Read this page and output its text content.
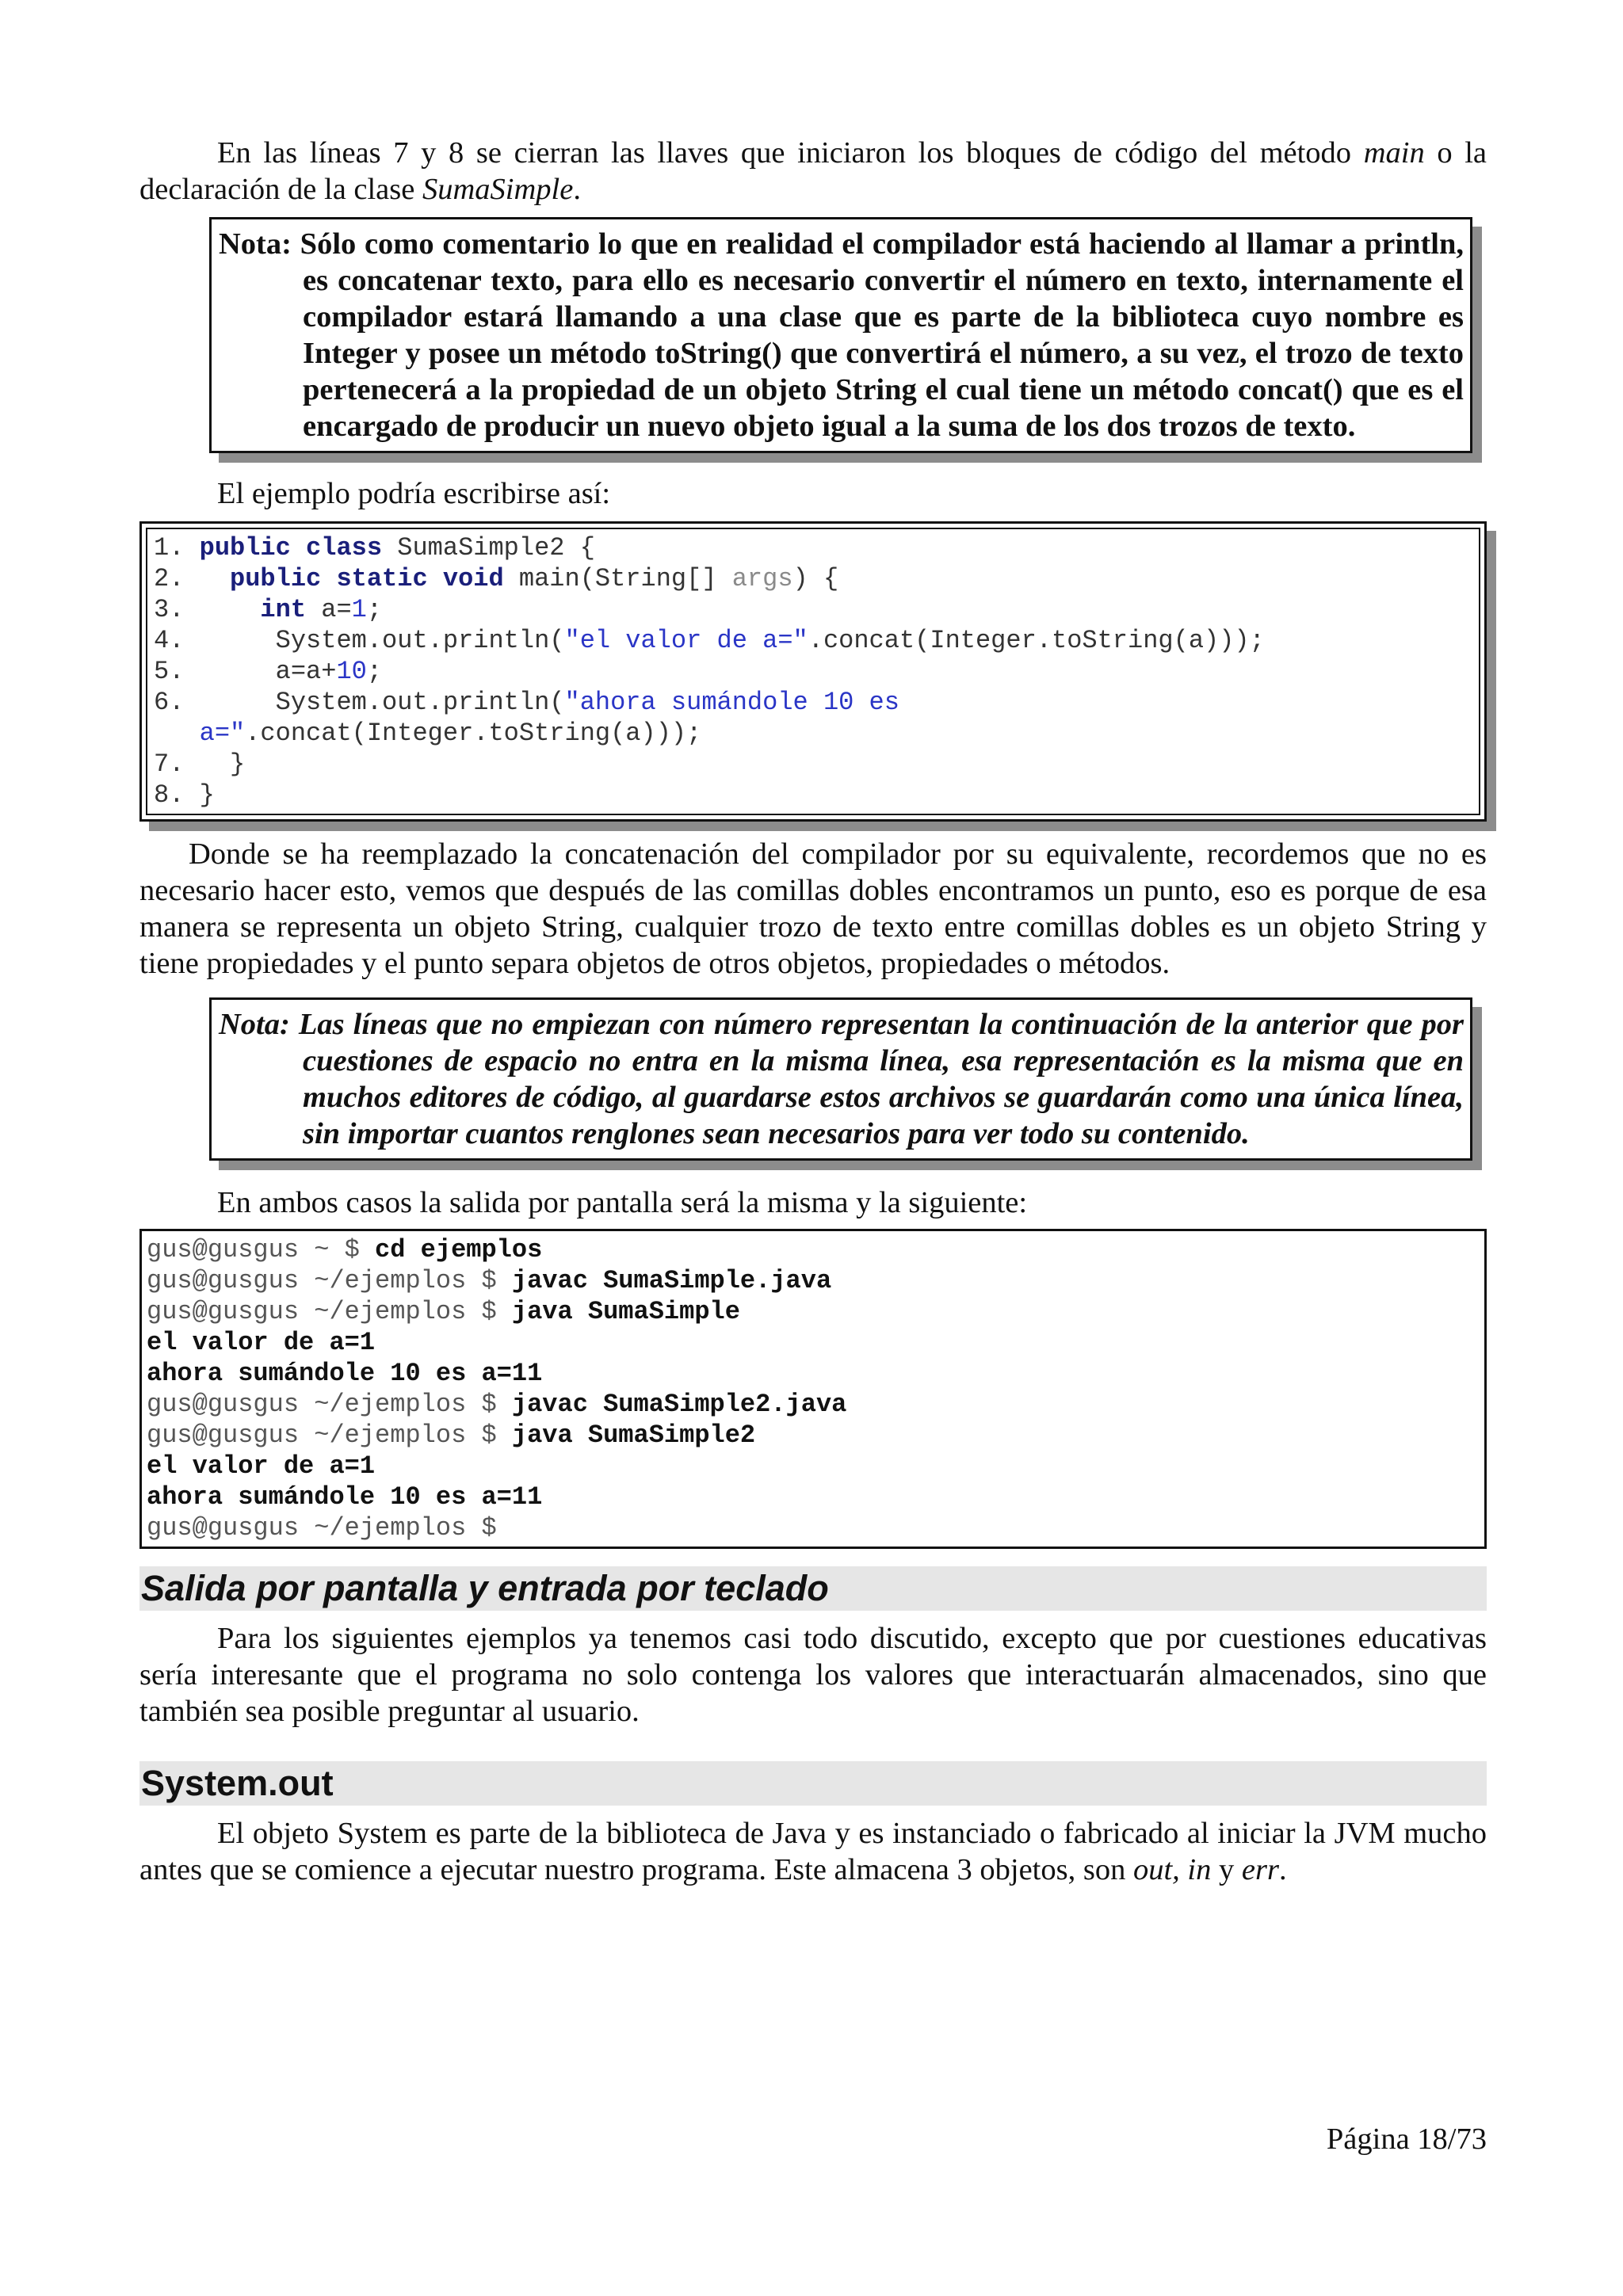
En las líneas 7 y 8 se cierran las llaves que iniciaron los bloques de código del método main o la declaración de la clase SumaSimple.

Nota: Sólo como comentario lo que en realidad el compilador está haciendo al llamar a println, es concatenar texto, para ello es necesario convertir el número en texto, internamente el compilador estará llamando a una clase que es parte de la biblioteca cuyo nombre es Integer y posee un método toString() que convertirá el número, a su vez, el trozo de texto pertenecerá a la propiedad de un objeto String el cual tiene un método concat() que es el encargado de producir un nuevo objeto igual a la suma de los dos trozos de texto.

El ejemplo podría escribirse así:

1. public class SumaSimple2 {
2.   public static void main(String[] args) {
3.     int a=1;
4.      System.out.println("el valor de a=".concat(Integer.toString(a)));
5.      a=a+10;
6.      System.out.println("ahora sumándole 10 es
a=".concat(Integer.toString(a)));
7.   }
8. }

Donde se ha reemplazado la concatenación del compilador por su equivalente, recordemos que no es necesario hacer esto, vemos que después de las comillas dobles encontramos un punto, eso es porque de esa manera se representa un objeto String, cualquier trozo de texto entre comillas dobles es un objeto String y tiene propiedades y el punto separa objetos de otros objetos, propiedades o métodos.

Nota: Las líneas que no empiezan con número representan la continuación de la anterior que por cuestiones de espacio no entra en la misma línea, esa representación es la misma que en muchos editores de código, al guardarse estos archivos se guardarán como una única línea, sin importar cuantos renglones sean necesarios para ver todo su contenido.

En ambos casos la salida por pantalla será la misma y la siguiente:

gus@gusgus ~ $ cd ejemplos
gus@gusgus ~/ejemplos $ javac SumaSimple.java
gus@gusgus ~/ejemplos $ java SumaSimple
el valor de a=1
ahora sumándole 10 es a=11
gus@gusgus ~/ejemplos $ javac SumaSimple2.java
gus@gusgus ~/ejemplos $ java SumaSimple2
el valor de a=1
ahora sumándole 10 es a=11
gus@gusgus ~/ejemplos $
Salida por pantalla y entrada por teclado

Para los siguientes ejemplos ya tenemos casi todo discutido, excepto que por cuestiones educativas sería interesante que el programa no solo contenga los valores que interactuarán almacenados, sino que también sea posible preguntar al usuario.

System.out

El objeto System es parte de la biblioteca de Java y es instanciado o fabricado al iniciar la JVM mucho antes que se comience a ejecutar nuestro programa. Este almacena 3 objetos, son out, in y err.

Página 18/73
